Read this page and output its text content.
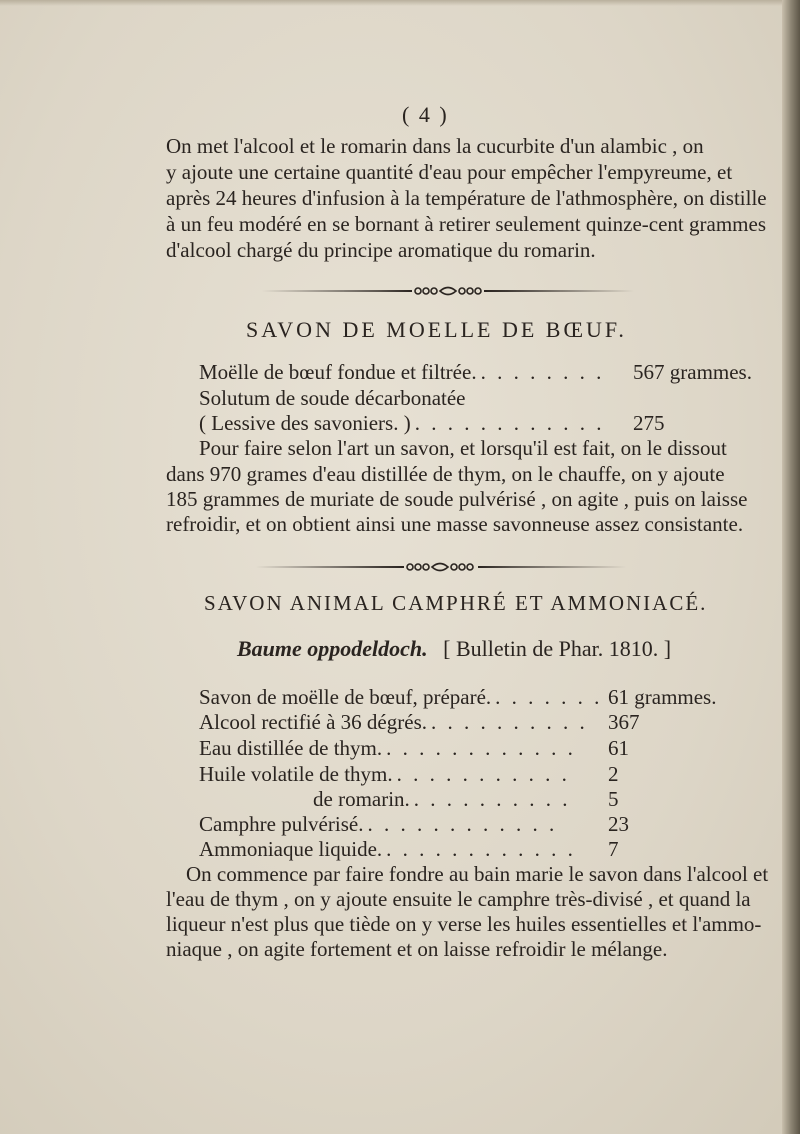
( 4 )
On met l'alcool et le romarin dans la cucurbite d'un alambic , on
y ajoute une certaine quantité d'eau pour empêcher l'empyreume, et
après 24 heures d'infusion à la température de l'athmosphère, on distille
à un feu modéré en se bornant à retirer seulement quinze-cent grammes
d'alcool chargé du principe aromatique du romarin.
SAVON DE MOELLE DE BŒUF.
Moëlle de bœuf fondue et filtrée. . . . . . . . . 567 grammes.
Solutum de soude décarbonatée
( Lessive des savoniers. ) . . . . . . . . . . . . 275
Pour faire selon l'art un savon, et lorsqu'il est fait, on le dissout
dans 970 grames d'eau distillée de thym, on le chauffe, on y ajoute
185 grammes de muriate de soude pulvérisé , on agite , puis on laisse
refroidir, et on obtient ainsi une masse savonneuse assez consistante.
SAVON ANIMAL CAMPHRÉ ET AMMONIACÉ.
Baume oppodeldoch. [ Bulletin de Phar. 1810. ]
Savon de moëlle de bœuf, préparé. . . . . . . . 61 grammes.
Alcool rectifié à 36 dégrés. . . . . . . . . . . 367
Eau distillée de thym. . . . . . . . . . . . . 61
Huile volatile de thym. . . . . . . . . . . . 2
de romarin. . . . . . . . . . . 5
Camphre pulvérisé. . . . . . . . . . . . . 23
Ammoniaque liquide. . . . . . . . . . . . . 7
On commence par faire fondre au bain marie le savon dans l'alcool et
l'eau de thym , on y ajoute ensuite le camphre très-divisé , et quand la
liqueur n'est plus que tiède on y verse les huiles essentielles et l'ammo-
niaque , on agite fortement et on laisse refroidir le mélange.
